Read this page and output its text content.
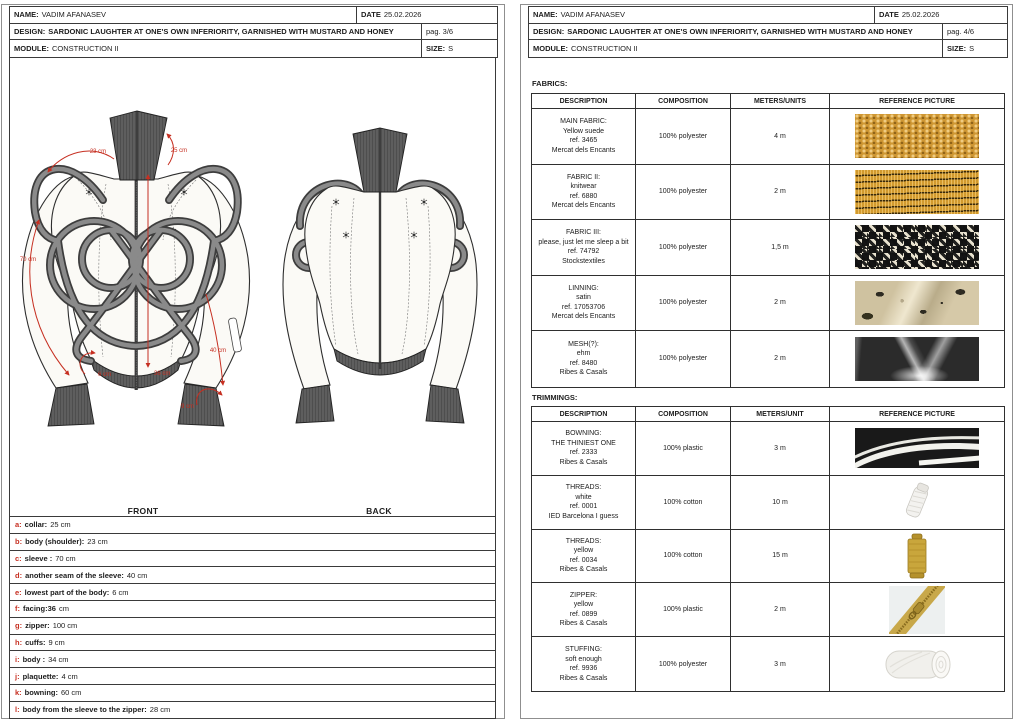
NAME: VADIM AFANASEV	DATE 25.02.2026
DESIGN: SARDONIC LAUGHTER AT ONE'S OWN INFERIORITY, GARNISHED WITH MUSTARD AND HONEY	pag. 3/6
MODULE: CONSTRUCTION II	SIZE: S
23 cm	25 cm
70 cm
40 cm
6 cm	36 cm
9 cm
FRONT	BACK
a: collar: 25 cm
b: body (shoulder): 23 cm
c: sleeve : 70 cm
d: another seam of the sleeve: 40 cm
e: lowest part of the body: 6 cm
f: facing:36 cm
g: zipper: 100 cm
h: cuffs: 9 cm
i: body : 34 cm
j: plaquette: 4 cm
k: bowning: 60 cm
l: body from the sleeve to the zipper: 28 cm
NAME: VADIM AFANASEV	DATE 25.02.2026
DESIGN: SARDONIC LAUGHTER AT ONE'S OWN INFERIORITY, GARNISHED WITH MUSTARD AND HONEY	pag. 4/6
MODULE: CONSTRUCTION II	SIZE: S
FABRICS:
DESCRIPTION	COMPOSITION	METERS/UNITS	REFERENCE PICTURE
MAIN FABRIC:
Yellow suede
ref. 3465
Mercat dels Encants
100% polyester	4 m
FABRIC II:
knitwear
ref. 6880
Mercat dels Encants
100% polyester	2 m
FABRIC III:
please, just let me sleep a bit
ref. 74792
Stockstextiles
100% polyester	1,5 m
LINNING:
satin
ref. 17053706
Mercat dels Encants
100% polyester	2 m
MESH(?):
ehm
ref. 8480
Ribes & Casals
100% polyester	2 m
TRIMMINGS:
DESCRIPTION	COMPOSITION	METERS/UNIT	REFERENCE PICTURE
BOWNING:
THE THINIEST ONE
ref. 2333
Ribes & Casals
100% plastic	3 m
THREADS:
white
ref. 0001
IED Barcelona I guess
100% cotton	10 m
THREADS:
yellow
ref. 0034
Ribes & Casals
100% cotton	15 m
ZIPPER:
yellow
ref. 0899
Ribes & Casals
100% plastic	2 m
STUFFING:
soft enough
ref. 9936
Ribes & Casals
100% polyester	3 m
